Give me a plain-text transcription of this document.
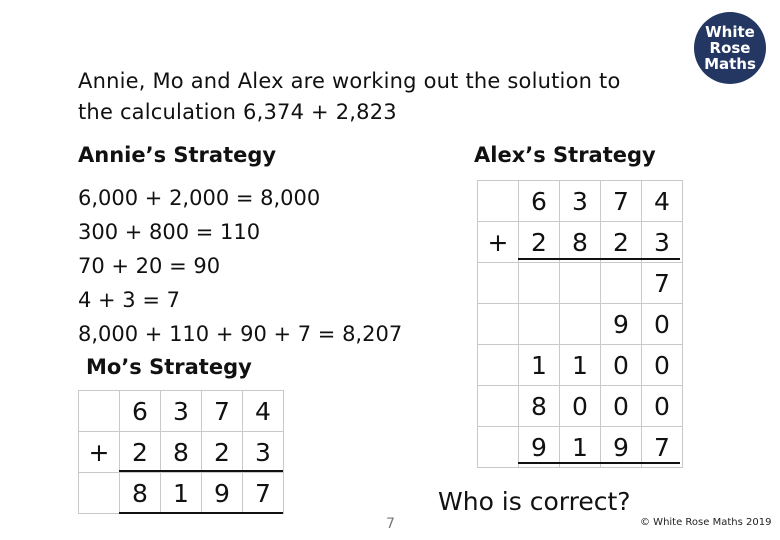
White
Rose
Maths
Annie, Mo and Alex are working out the solution to
the calculation 6,374 + 2,823
Annie’s Strategy
6,000 + 2,000 = 8,000
300 + 800 = 110
70 + 20 = 90
4 + 3 = 7
8,000 + 110 + 90 + 7 = 8,207
Alex’s Strategy
	6	3	7	4
+	2	8	2	3
				7
			9	0
	1	1	0	0
	8	0	0	0
	9	1	9	7
Mo’s Strategy
	6	3	7	4
+	2	8	2	3
	8	1	9	7	Who is correct?
7	© White Rose Maths 2019
